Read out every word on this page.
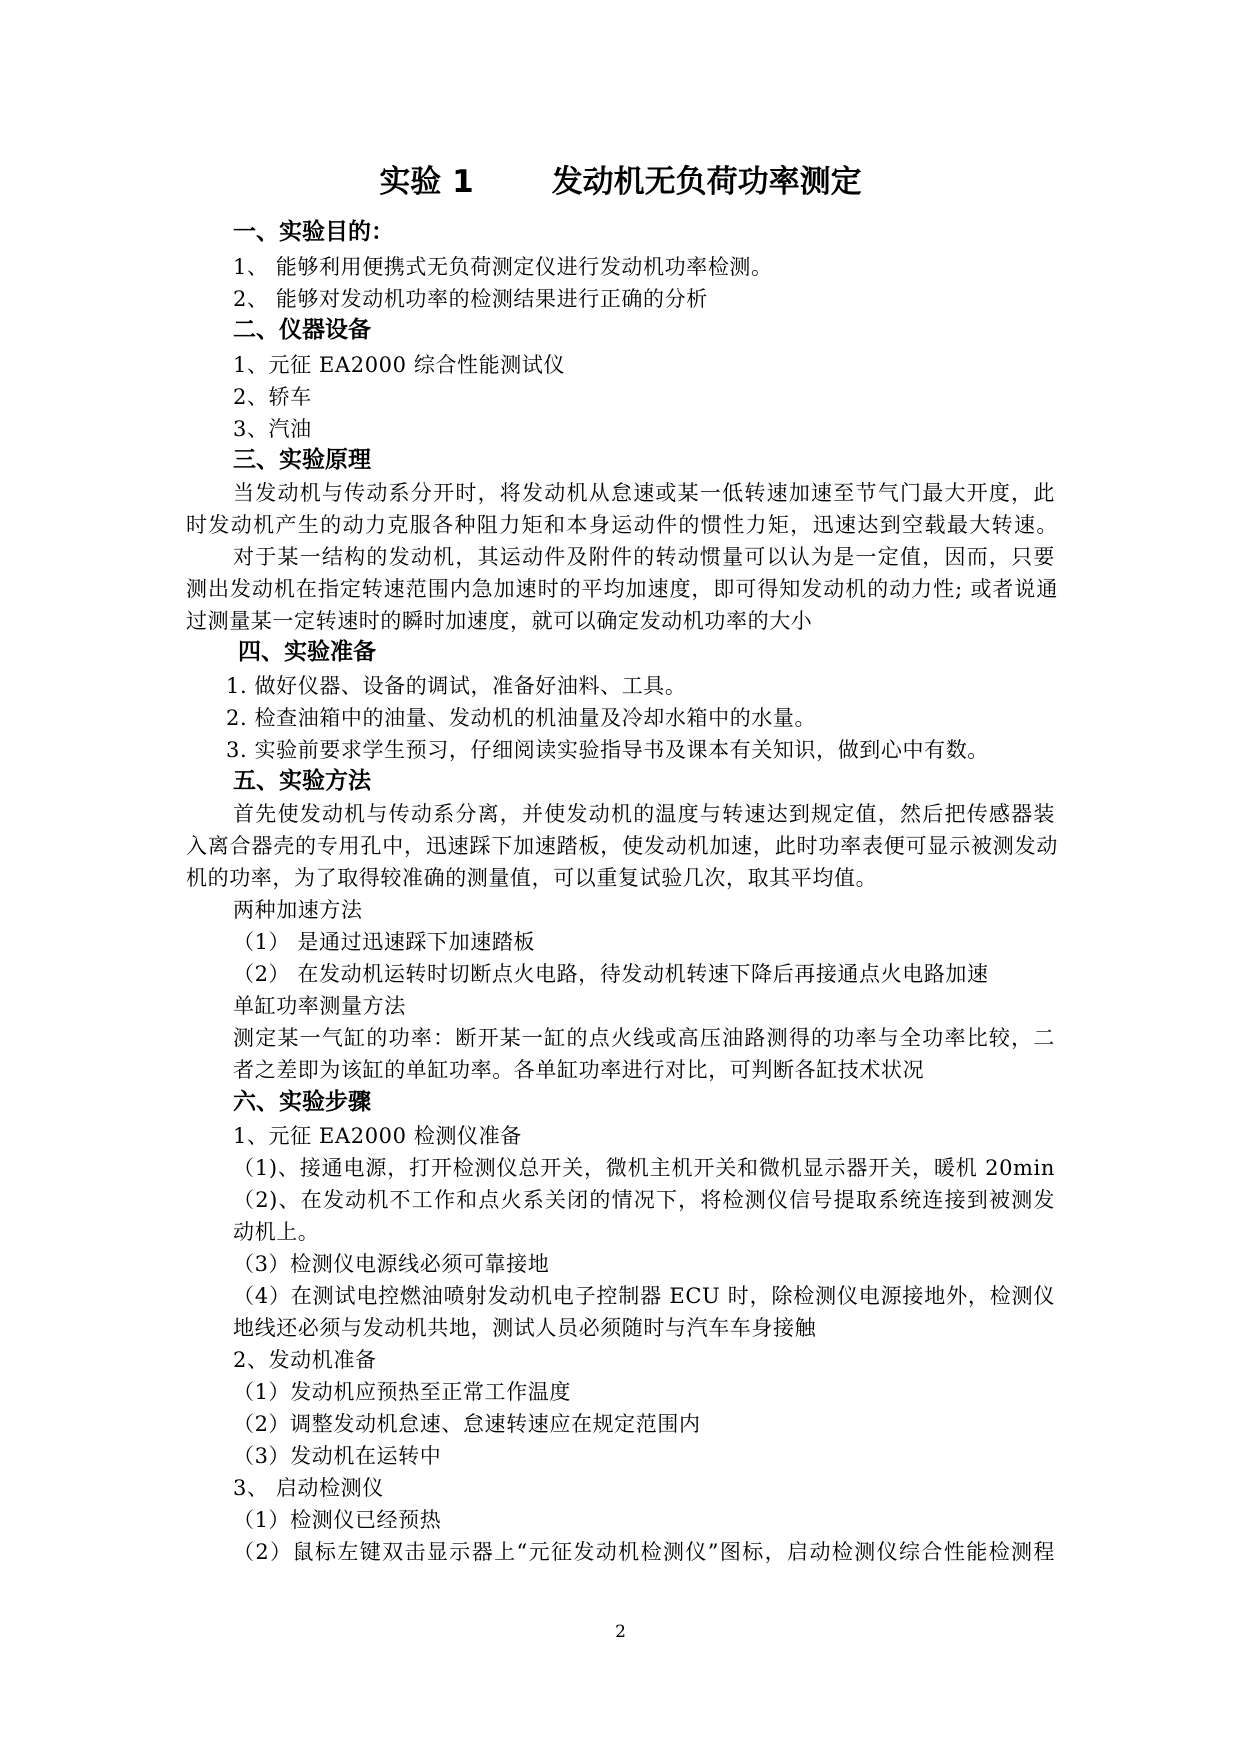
实验 1	发动机无负荷功率测定
一、实验目的：
1、 能够利用便携式无负荷测定仪进行发动机功率检测。
2、 能够对发动机功率的检测结果进行正确的分析
二、仪器设备
1、元征 EA2000 综合性能测试仪
2、轿车
3、汽油
三、实验原理
当发动机与传动系分开时，将发动机从怠速或某一低转速加速至节气门最大开度，此
时发动机产生的动力克服各种阻力矩和本身运动件的惯性力矩，迅速达到空载最大转速。
对于某一结构的发动机，其运动件及附件的转动惯量可以认为是一定值，因而，只要
测出发动机在指定转速范围内急加速时的平均加速度，即可得知发动机的动力性; 或者说通
过测量某一定转速时的瞬时加速度，就可以确定发动机功率的大小
四、实验准备
1. 做好仪器、设备的调试，准备好油料、工具。
2. 检查油箱中的油量、发动机的机油量及冷却水箱中的水量。
3. 实验前要求学生预习，仔细阅读实验指导书及课本有关知识，做到心中有数。
五、实验方法
首先使发动机与传动系分离，并使发动机的温度与转速达到规定值，然后把传感器装
入离合器壳的专用孔中，迅速踩下加速踏板，使发动机加速，此时功率表便可显示被测发动
机的功率，为了取得较准确的测量值，可以重复试验几次，取其平均值。
两种加速方法
（1） 是通过迅速踩下加速踏板
（2） 在发动机运转时切断点火电路，待发动机转速下降后再接通点火电路加速
单缸功率测量方法
测定某一气缸的功率：断开某一缸的点火线或高压油路测得的功率与全功率比较，二
者之差即为该缸的单缸功率。各单缸功率进行对比，可判断各缸技术状况
六、实验步骤
1、元征 EA2000 检测仪准备
（1)、接通电源，打开检测仪总开关，微机主机开关和微机显示器开关，暖机 20min
（2)、在发动机不工作和点火系关闭的情况下，将检测仪信号提取系统连接到被测发
动机上。
（3）检测仪电源线必须可靠接地
（4）在测试电控燃油喷射发动机电子控制器 ECU 时，除检测仪电源接地外，检测仪
地线还必须与发动机共地，测试人员必须随时与汽车车身接触
2、发动机准备
（1）发动机应预热至正常工作温度
（2）调整发动机怠速、怠速转速应在规定范围内
（3）发动机在运转中
3、 启动检测仪
（1）检测仪已经预热
（2）鼠标左键双击显示器上“元征发动机检测仪”图标，启动检测仪综合性能检测程
2
